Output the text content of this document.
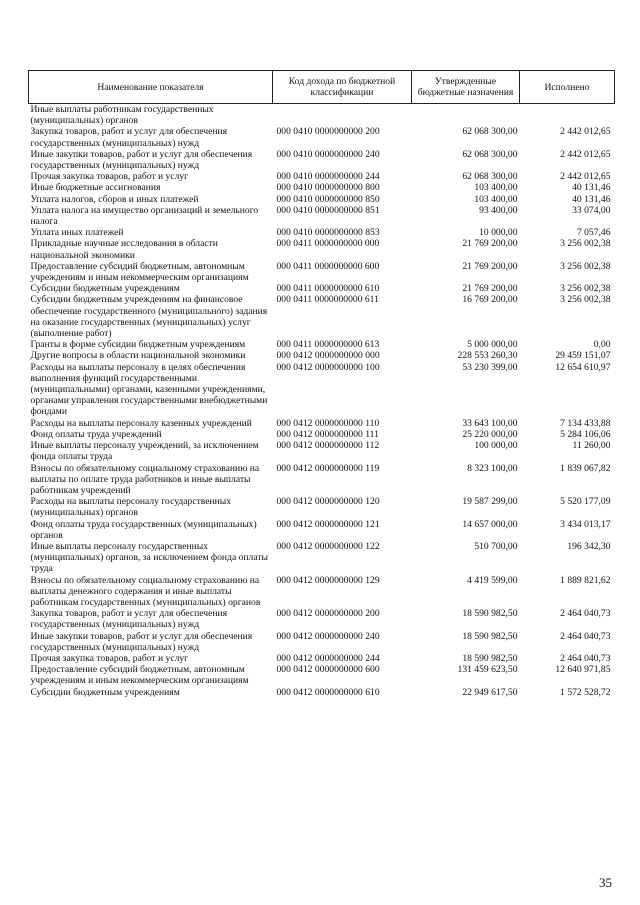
Наименование показателя	Код дохода по бюджетной классификации	Утвержденные бюджетные назначения	Исполнено
Иные выплаты работникам государственных (муниципальных) органов			
Закупка товаров, работ и услуг для обеспечения государственных (муниципальных) нужд	000 0410 0000000000 200	62 068 300,00	2 442 012,65
Иные закупки товаров, работ и услуг для обеспечения государственных (муниципальных) нужд	000 0410 0000000000 240	62 068 300,00	2 442 012,65
Прочая закупка товаров, работ и услуг	000 0410 0000000000 244	62 068 300,00	2 442 012,65
Иные бюджетные ассигнования	000 0410 0000000000 800	103 400,00	40 131,46
Уплата налогов, сборов и иных платежей	000 0410 0000000000 850	103 400,00	40 131,46
Уплата налога на имущество организаций и земельного налога	000 0410 0000000000 851	93 400,00	33 074,00
Уплата иных платежей	000 0410 0000000000 853	10 000,00	7 057,46
Прикладные научные исследования в области национальной экономики	000 0411 0000000000 000	21 769 200,00	3 256 002,38
Предоставление субсидий бюджетным, автономным учреждениям и иным некоммерческим организациям	000 0411 0000000000 600	21 769 200,00	3 256 002,38
Субсидии бюджетным учреждениям	000 0411 0000000000 610	21 769 200,00	3 256 002,38
Субсидии бюджетным учреждениям на финансовое обеспечение государственного (муниципального) задания на оказание государственных (муниципальных) услуг (выполнение работ)	000 0411 0000000000 611	16 769 200,00	3 256 002,38
Гранты в форме субсидии бюджетным учреждениям	000 0411 0000000000 613	5 000 000,00	0,00
Другие вопросы в области национальной экономики	000 0412 0000000000 000	228 553 260,30	29 459 151,07
Расходы на выплаты персоналу в целях обеспечения выполнения функций государственными (муниципальными) органами, казенными учреждениями, органами управления государственными внебюджетными фондами	000 0412 0000000000 100	53 230 399,00	12 654 610,97
Расходы на выплаты персоналу казенных учреждений	000 0412 0000000000 110	33 643 100,00	7 134 433,88
Фонд оплаты труда учреждений	000 0412 0000000000 111	25 220 000,00	5 284 106,06
Иные выплаты персоналу учреждений, за исключением фонда оплаты труда	000 0412 0000000000 112	100 000,00	11 260,00
Взносы по обязательному социальному страхованию на выплаты по оплате труда работников и иные выплаты работникам учреждений	000 0412 0000000000 119	8 323 100,00	1 839 067,82
Расходы на выплаты персоналу государственных (муниципальных) органов	000 0412 0000000000 120	19 587 299,00	5 520 177,09
Фонд оплаты труда государственных (муниципальных) органов	000 0412 0000000000 121	14 657 000,00	3 434 013,17
Иные выплаты персоналу государственных (муниципальных) органов, за исключением фонда оплаты труда	000 0412 0000000000 122	510 700,00	196 342,30
Взносы по обязательному социальному страхованию на выплаты денежного содержания и иные выплаты работникам государственных (муниципальных) органов	000 0412 0000000000 129	4 419 599,00	1 889 821,62
Закупка товаров, работ и услуг для обеспечения государственных (муниципальных) нужд	000 0412 0000000000 200	18 590 982,50	2 464 040,73
Иные закупки товаров, работ и услуг для обеспечения государственных (муниципальных) нужд	000 0412 0000000000 240	18 590 982,50	2 464 040,73
Прочая закупка товаров, работ и услуг	000 0412 0000000000 244	18 590 982,50	2 464 040,73
Предоставление субсидий бюджетным, автономным учреждениям и иным некоммерческим организациям	000 0412 0000000000 600	131 459 623,50	12 640 971,85
Субсидии бюджетным учреждениям	000 0412 0000000000 610	22 949 617,50	1 572 528,72
35
